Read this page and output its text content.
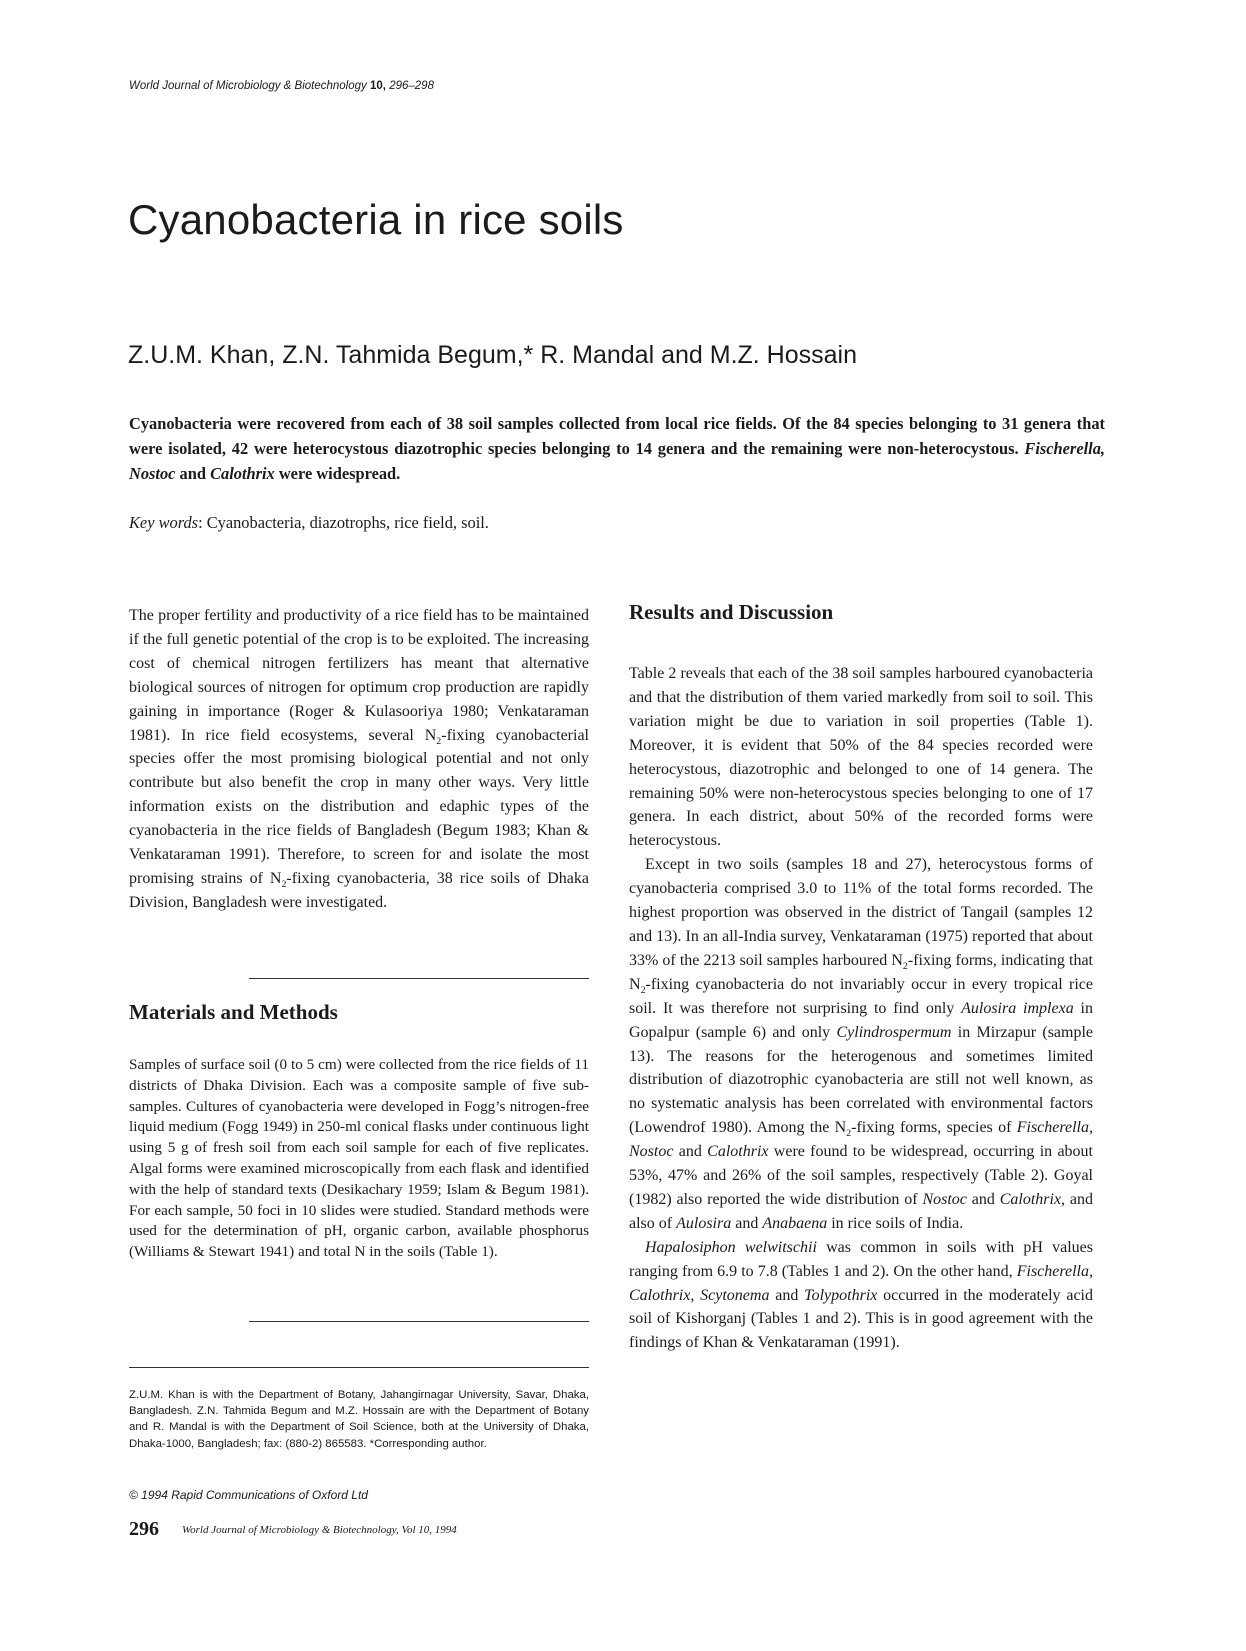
World Journal of Microbiology & Biotechnology 10, 296–298
Cyanobacteria in rice soils
Z.U.M. Khan, Z.N. Tahmida Begum,* R. Mandal and M.Z. Hossain

Cyanobacteria were recovered from each of 38 soil samples collected from local rice fields. Of the 84 species belonging to 31 genera that were isolated, 42 were heterocystous diazotrophic species belonging to 14 genera and the remaining were non-heterocystous. Fischerella, Nostoc and Calothrix were widespread.

Key words: Cyanobacteria, diazotrophs, rice field, soil.

The proper fertility and productivity of a rice field has to be maintained if the full genetic potential of the crop is to be exploited. The increasing cost of chemical nitrogen fertilizers has meant that alternative biological sources of nitrogen for optimum crop production are rapidly gaining in importance (Roger & Kulasooriya 1980; Venkataraman 1981). In rice field ecosystems, several $N_2$-fixing cyanobacterial species offer the most promising biological potential and not only contribute but also benefit the crop in many other ways. Very little information exists on the distribution and edaphic types of the cyanobacteria in the rice fields of Bangladesh (Begum 1983; Khan & Venkataraman 1991). Therefore, to screen for and isolate the most promising strains of $N_2$-fixing cyanobacteria, 38 rice soils of Dhaka Division, Bangladesh were investigated.

Materials and Methods

Samples of surface soil (0 to 5 cm) were collected from the rice fields of 11 districts of Dhaka Division. Each was a composite sample of five sub-samples. Cultures of cyanobacteria were developed in Fogg’s nitrogen-free liquid medium (Fogg 1949) in 250-ml conical flasks under continuous light using 5 g of fresh soil from each soil sample for each of five replicates. Algal forms were examined microscopically from each flask and identified with the help of standard texts (Desikachary 1959; Islam & Begum 1981). For each sample, 50 foci in 10 slides were studied. Standard methods were used for the determination of pH, organic carbon, available phosphorus (Williams & Stewart 1941) and total N in the soils (Table 1).

Z.U.M. Khan is with the Department of Botany, Jahangirnagar University, Savar, Dhaka, Bangladesh. Z.N. Tahmida Begum and M.Z. Hossain are with the Department of Botany and R. Mandal is with the Department of Soil Science, both at the University of Dhaka, Dhaka-1000, Bangladesh; fax: (880-2) 865583. *Corresponding author.

© 1994 Rapid Communications of Oxford Ltd
296 World Journal of Microbiology & Biotechnology, Vol 10, 1994
Results and Discussion

Table 2 reveals that each of the 38 soil samples harboured cyanobacteria and that the distribution of them varied markedly from soil to soil. This variation might be due to variation in soil properties (Table 1). Moreover, it is evident that 50% of the 84 species recorded were heterocystous, diazotrophic and belonged to one of 14 genera. The remaining 50% were non-heterocystous species belonging to one of 17 genera. In each district, about 50% of the recorded forms were heterocystous.

Except in two soils (samples 18 and 27), heterocystous forms of cyanobacteria comprised 3.0 to 11% of the total forms recorded. The highest proportion was observed in the district of Tangail (samples 12 and 13). In an all-India survey, Venkataraman (1975) reported that about 33% of the 2213 soil samples harboured $N_2$-fixing forms, indicating that $N_2$-fixing cyanobacteria do not invariably occur in every tropical rice soil. It was therefore not surprising to find only Aulosira implexa in Gopalpur (sample 6) and only Cylindrospermum in Mirzapur (sample 13). The reasons for the heterogenous and sometimes limited distribution of diazotrophic cyanobacteria are still not well known, as no systematic analysis has been correlated with environmental factors (Lowendrof 1980). Among the $N_2$-fixing forms, species of Fischerella, Nostoc and Calothrix were found to be widespread, occurring in about 53%, 47% and 26% of the soil samples, respectively (Table 2). Goyal (1982) also reported the wide distribution of Nostoc and Calothrix, and also of Aulosira and Anabaena in rice soils of India.

Hapalosiphon welwitschii was common in soils with pH values ranging from 6.9 to 7.8 (Tables 1 and 2). On the other hand, Fischerella, Calothrix, Scytonema and Tolypothrix occurred in the moderately acid soil of Kishorganj (Tables 1 and 2). This is in good agreement with the findings of Khan & Venkataraman (1991).
